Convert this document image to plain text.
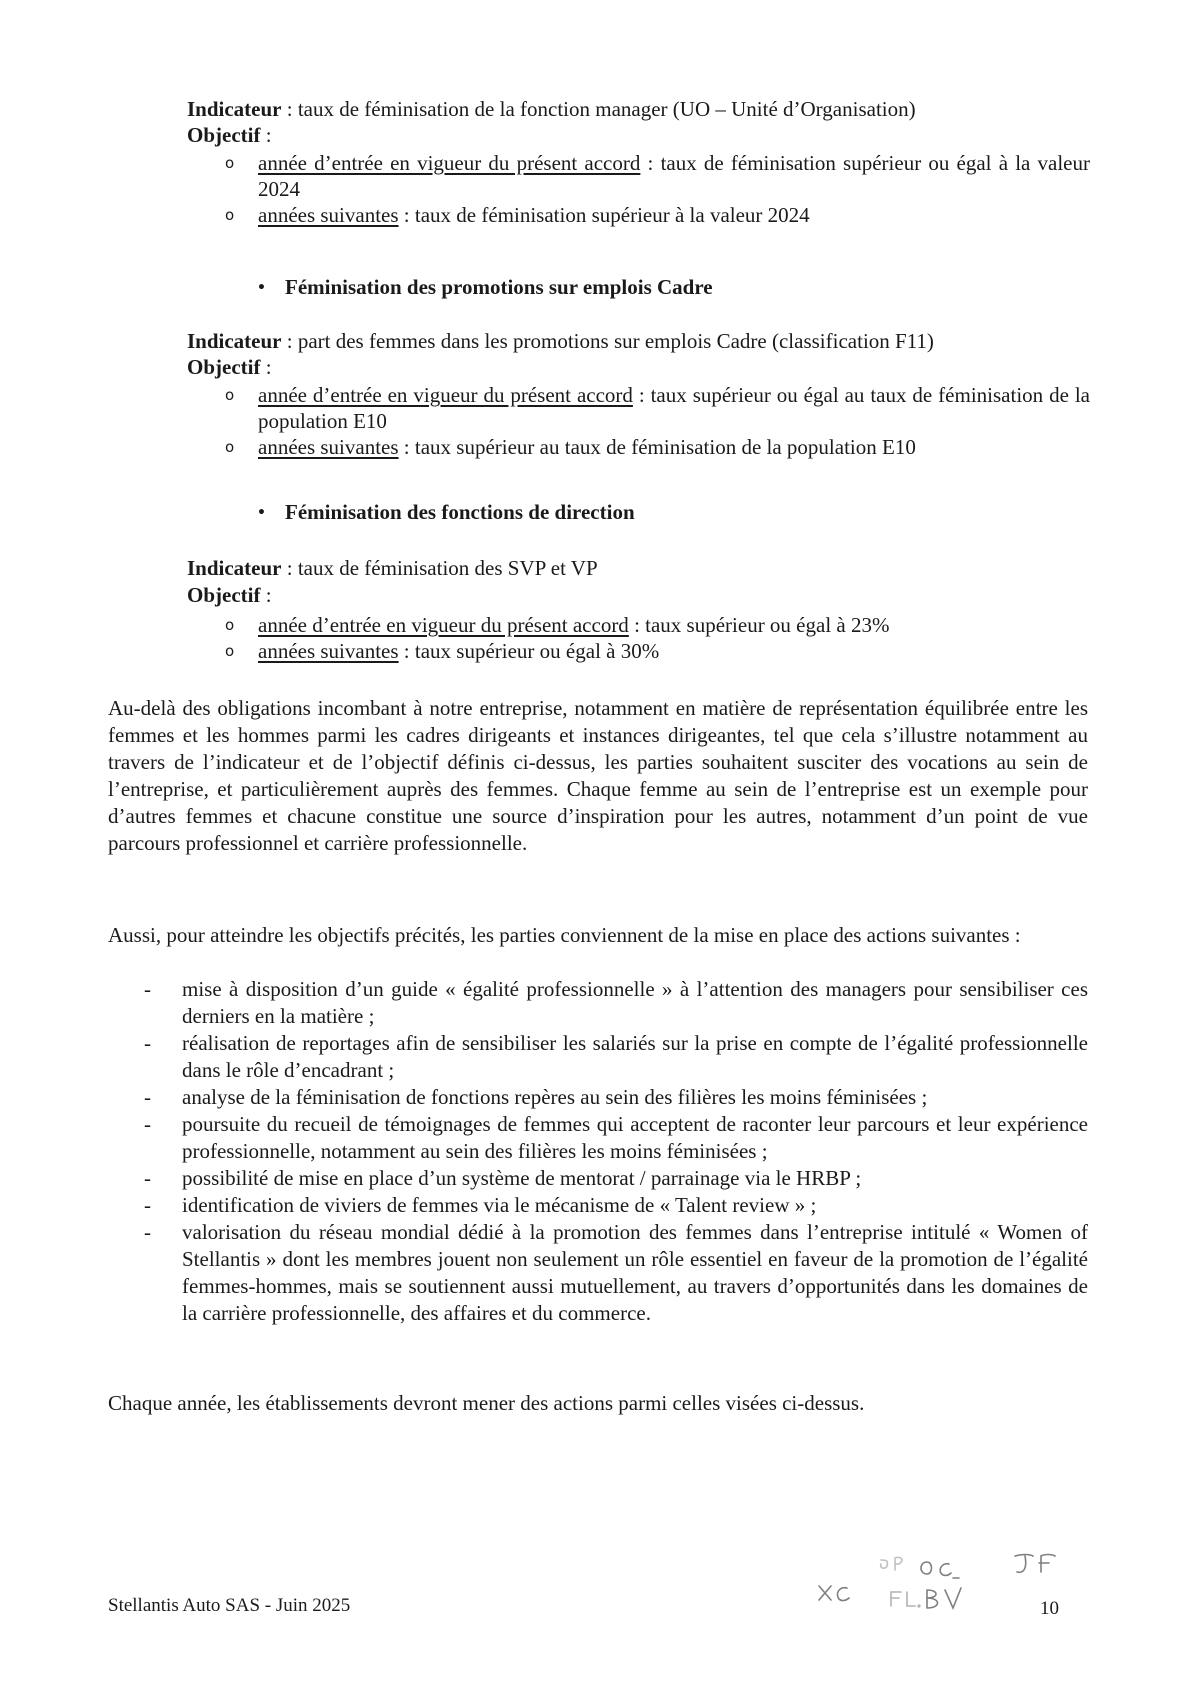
Indicateur : taux de féminisation de la fonction manager (UO – Unité d’Organisation)
Objectif :
o année d’entrée en vigueur du présent accord : taux de féminisation supérieur ou égal à la valeur 2024
o années suivantes : taux de féminisation supérieur à la valeur 2024
• Féminisation des promotions sur emplois Cadre
Indicateur : part des femmes dans les promotions sur emplois Cadre (classification F11)
Objectif :
o année d’entrée en vigueur du présent accord : taux supérieur ou égal au taux de féminisation de la population E10
o années suivantes : taux supérieur au taux de féminisation de la population E10
• Féminisation des fonctions de direction
Indicateur : taux de féminisation des SVP et VP
Objectif :
o année d’entrée en vigueur du présent accord : taux supérieur ou égal à 23%
o années suivantes : taux supérieur ou égal à 30%

Au-delà des obligations incombant à notre entreprise, notamment en matière de représentation équilibrée entre les femmes et les hommes parmi les cadres dirigeants et instances dirigeantes, tel que cela s’illustre notamment au travers de l’indicateur et de l’objectif définis ci-dessus, les parties souhaitent susciter des vocations au sein de l’entreprise, et particulièrement auprès des femmes. Chaque femme au sein de l’entreprise est un exemple pour d’autres femmes et chacune constitue une source d’inspiration pour les autres, notamment d’un point de vue parcours professionnel et carrière professionnelle.

Aussi, pour atteindre les objectifs précités, les parties conviennent de la mise en place des actions suivantes :

- mise à disposition d’un guide « égalité professionnelle » à l’attention des managers pour sensibiliser ces derniers en la matière ;
- réalisation de reportages afin de sensibiliser les salariés sur la prise en compte de l’égalité professionnelle dans le rôle d’encadrant ;
- analyse de la féminisation de fonctions repères au sein des filières les moins féminisées ;
- poursuite du recueil de témoignages de femmes qui acceptent de raconter leur parcours et leur expérience professionnelle, notamment au sein des filières les moins féminisées ;
- possibilité de mise en place d’un système de mentorat / parrainage via le HRBP ;
- identification de viviers de femmes via le mécanisme de « Talent review » ;
- valorisation du réseau mondial dédié à la promotion des femmes dans l’entreprise intitulé « Women of Stellantis » dont les membres jouent non seulement un rôle essentiel en faveur de la promotion de l’égalité femmes-hommes, mais se soutiennent aussi mutuellement, au travers d’opportunités dans les domaines de la carrière professionnelle, des affaires et du commerce.

Chaque année, les établissements devront mener des actions parmi celles visées ci-dessus.

Stellantis Auto SAS - Juin 2025	10
